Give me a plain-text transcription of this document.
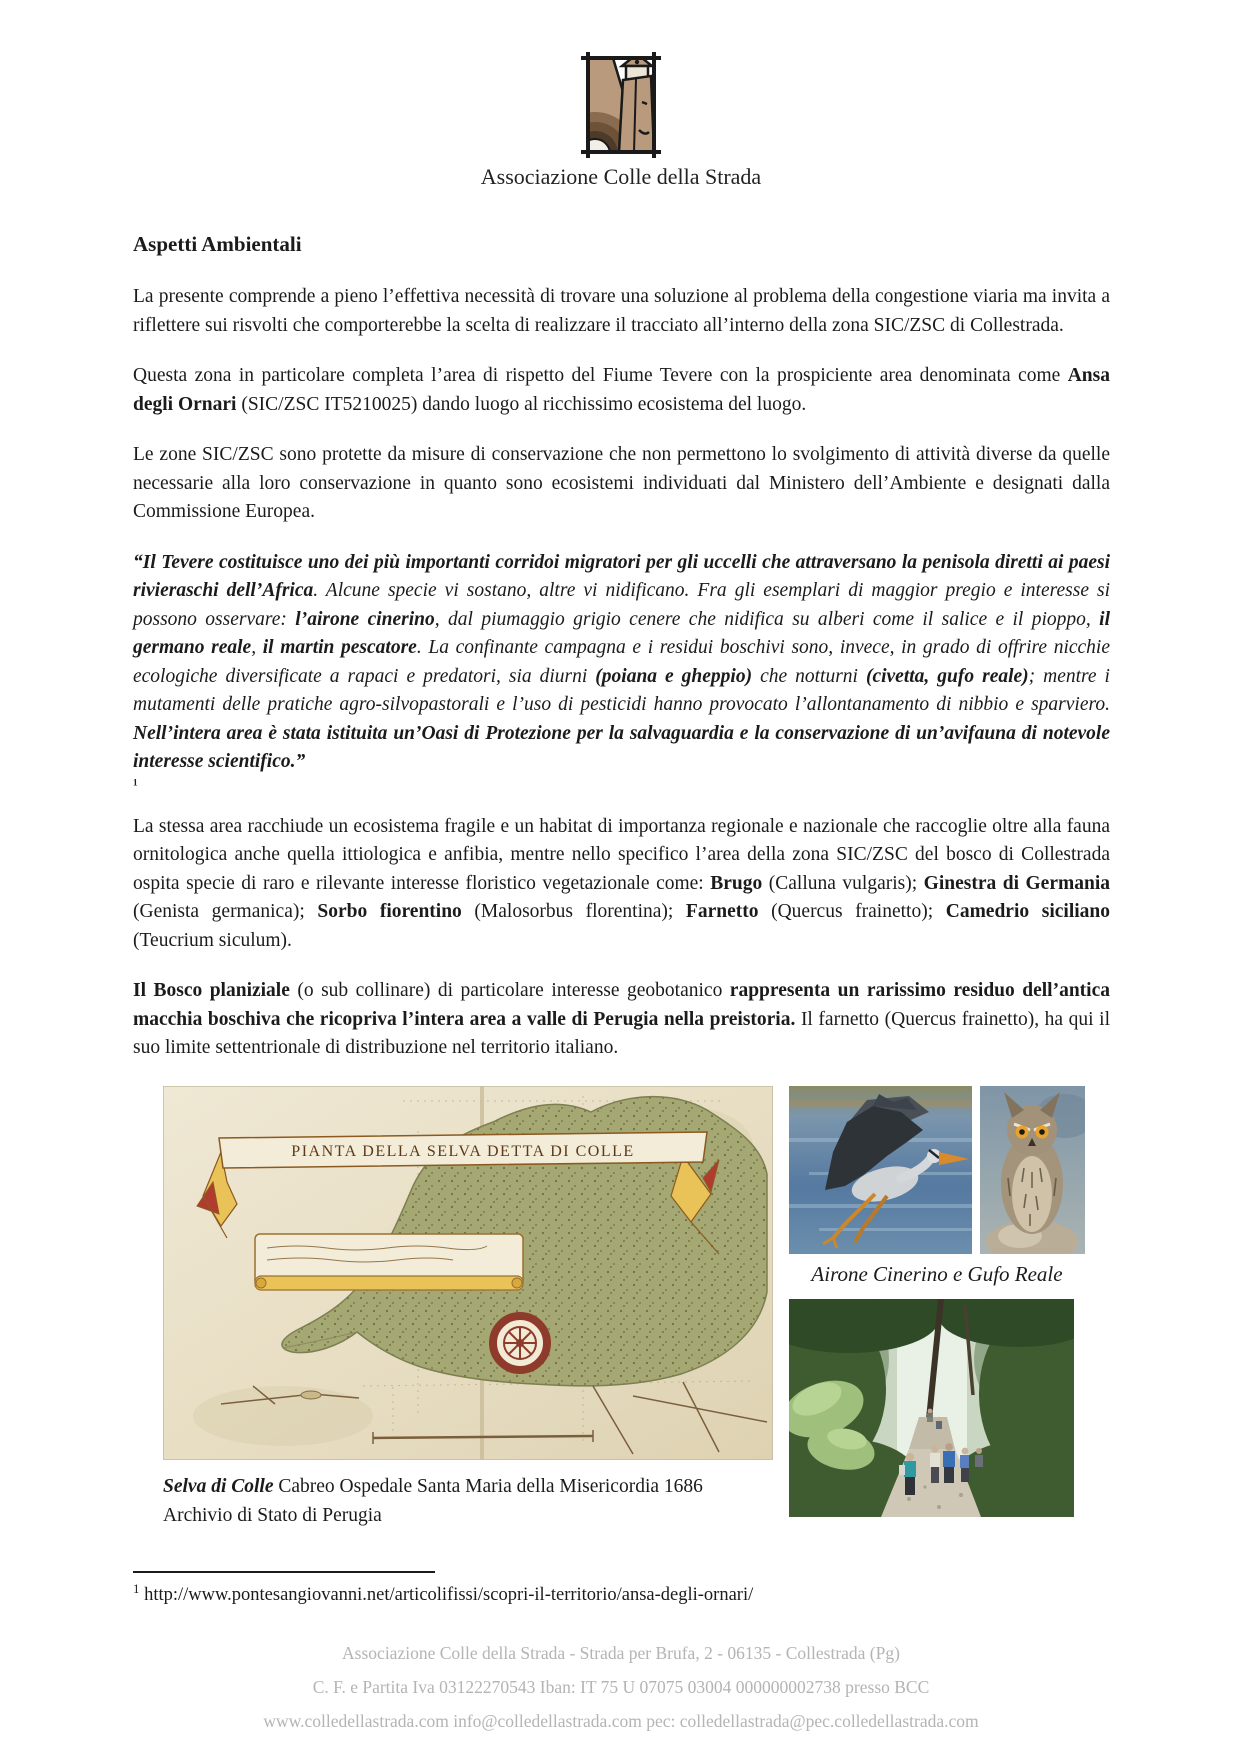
Associazione Colle della Strada
Aspetti Ambientali

La presente comprende a pieno l’effettiva necessità di trovare una soluzione al problema della congestione viaria ma invita a riflettere sui risvolti che comporterebbe la scelta di realizzare il tracciato all’interno della zona SIC/ZSC di Collestrada.

Questa zona in particolare completa l’area di rispetto del Fiume Tevere con la prospiciente area denominata come Ansa degli Ornari (SIC/ZSC IT5210025) dando luogo al ricchissimo ecosistema del luogo.

Le zone SIC/ZSC sono protette da misure di conservazione che non permettono lo svolgimento di attività diverse da quelle necessarie alla loro conservazione in quanto sono ecosistemi individuati dal Ministero dell’Ambiente e designati dalla Commissione Europea.

“Il Tevere costituisce uno dei più importanti corridoi migratori per gli uccelli che attraversano la penisola diretti ai paesi rivieraschi dell’Africa. Alcune specie vi sostano, altre vi nidificano. Fra gli esemplari di maggior pregio e interesse si possono osservare: l’airone cinerino, dal piumaggio grigio cenere che nidifica su alberi come il salice e il pioppo, il germano reale, il martin pescatore. La confinante campagna e i residui boschivi sono, invece, in grado di offrire nicchie ecologiche diversificate a rapaci e predatori, sia diurni (poiana e gheppio) che notturni (civetta, gufo reale); mentre i mutamenti delle pratiche agro-silvopastorali e l’uso di pesticidi hanno provocato l’allontanamento di nibbio e sparviero. Nell’intera area è stata istituita un’Oasi di Protezione per la salvaguardia e la conservazione di un’avifauna di notevole interesse scientifico.”

$^1$

La stessa area racchiude un ecosistema fragile e un habitat di importanza regionale e nazionale che raccoglie oltre alla fauna ornitologica anche quella ittiologica e anfibia, mentre nello specifico l’area della zona SIC/ZSC del bosco di Collestrada ospita specie di raro e rilevante interesse floristico vegetazionale come: Brugo (Calluna vulgaris); Ginestra di Germania (Genista germanica); Sorbo fiorentino (Malosorbus florentina); Farnetto (Quercus frainetto); Camedrio siciliano (Teucrium siculum).

Il Bosco planiziale (o sub collinare) di particolare interesse geobotanico rappresenta un rarissimo residuo dell’antica macchia boschiva che ricopriva l’intera area a valle di Perugia nella preistoria. Il farnetto (Quercus frainetto), ha qui il suo limite settentrionale di distribuzione nel territorio italiano.

PIANTA DELLA SELVA DETTA DI COLLE
Airone Cinerino e Gufo Reale
Selva di Colle Cabreo Ospedale Santa Maria della Misericordia 1686
Archivio di Stato di Perugia
$^1$ http://www.pontesangiovanni.net/articolifissi/scopri-il-territorio/ansa-degli-ornari/
Associazione Colle della Strada - Strada per Brufa, 2 - 06135 - Collestrada (Pg)
C. F. e Partita Iva 03122270543 Iban: IT 75 U 07075 03004 000000002738 presso BCC
www.colledellastrada.com info@colledellastrada.com pec: colledellastrada@pec.colledellastrada.com
